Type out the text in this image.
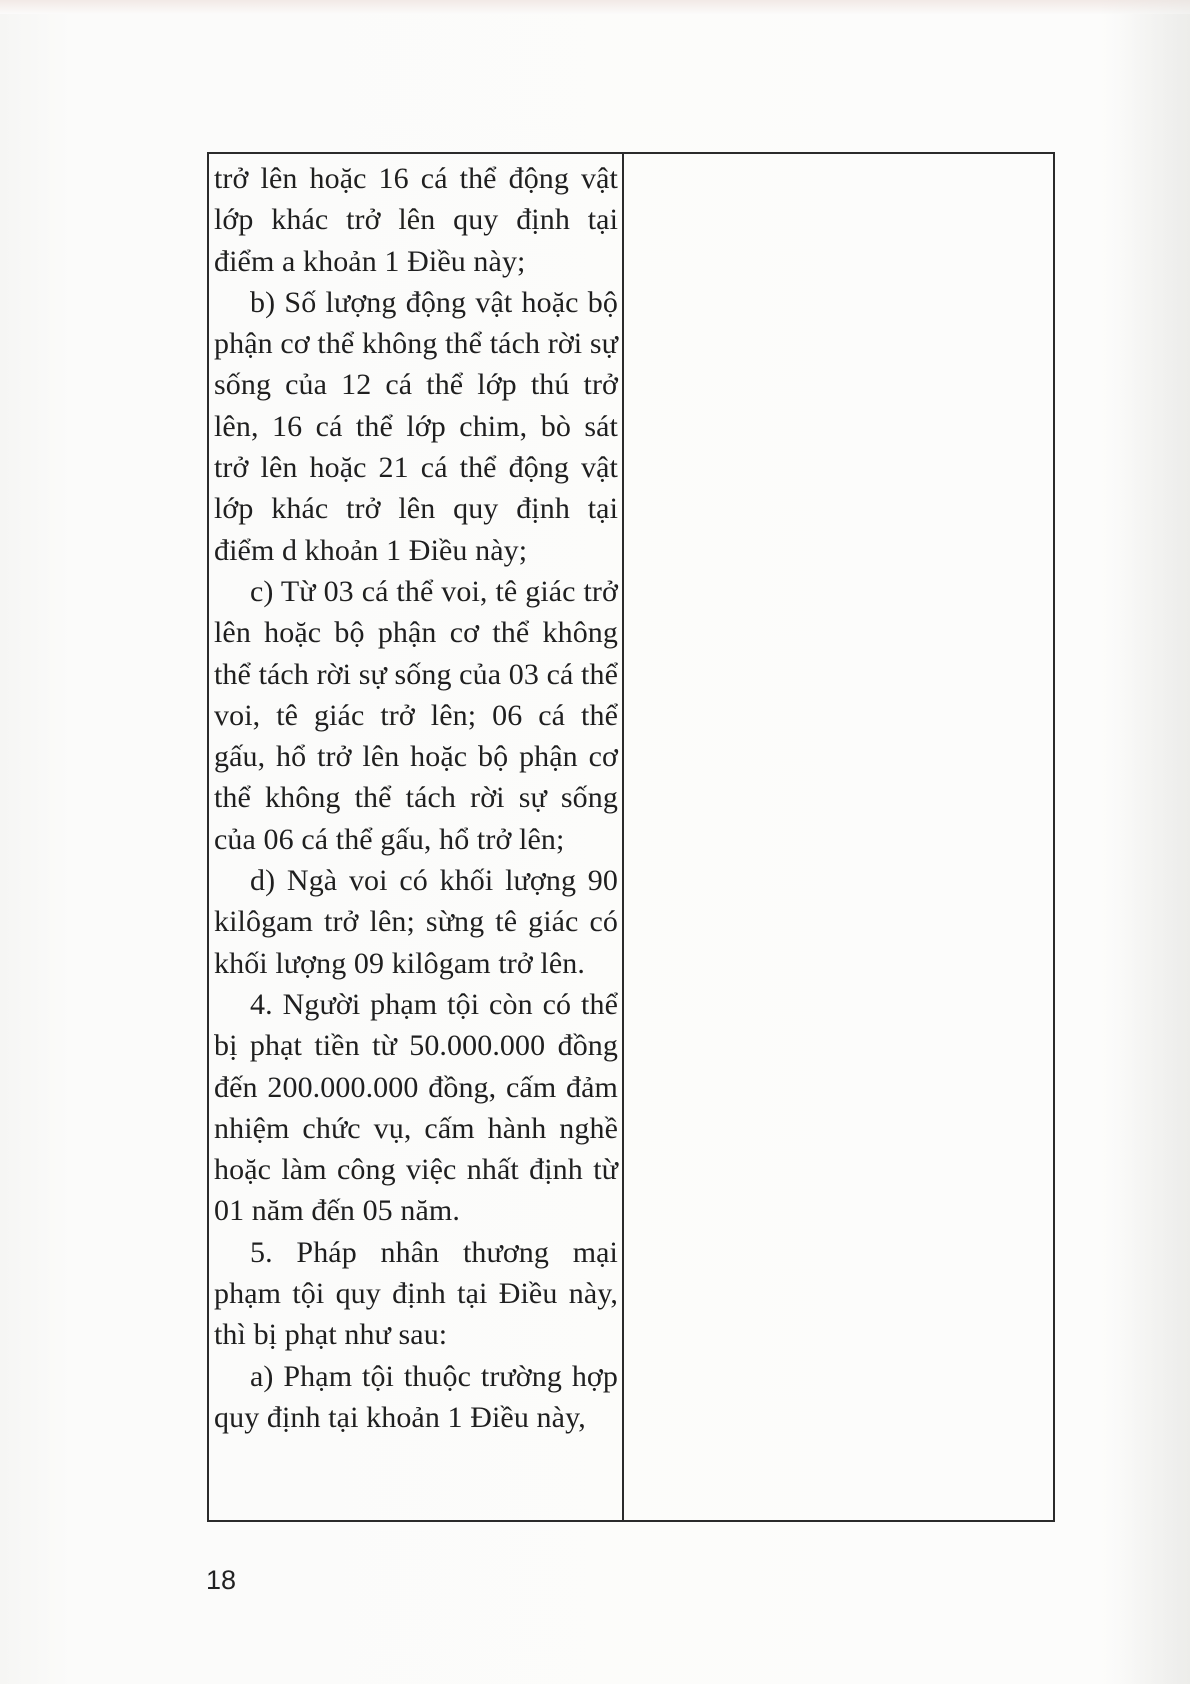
trở lên hoặc 16 cá thể động vật lớp khác trở lên quy định tại điểm a khoản 1 Điều này;

b) Số lượng động vật hoặc bộ phận cơ thể không thể tách rời sự sống của 12 cá thể lớp thú trở lên, 16 cá thể lớp chim, bò sát trở lên hoặc 21 cá thể động vật lớp khác trở lên quy định tại điểm d khoản 1 Điều này;

c) Từ 03 cá thể voi, tê giác trở lên hoặc bộ phận cơ thể không thể tách rời sự sống của 03 cá thể voi, tê giác trở lên; 06 cá thể gấu, hổ trở lên hoặc bộ phận cơ thể không thể tách rời sự sống của 06 cá thể gấu, hổ trở lên;

d) Ngà voi có khối lượng 90 kilôgam trở lên; sừng tê giác có khối lượng 09 kilôgam trở lên.

4. Người phạm tội còn có thể bị phạt tiền từ 50.000.000 đồng đến 200.000.000 đồng, cấm đảm nhiệm chức vụ, cấm hành nghề hoặc làm công việc nhất định từ 01 năm đến 05 năm.

5. Pháp nhân thương mại phạm tội quy định tại Điều này, thì bị phạt như sau:

a) Phạm tội thuộc trường hợp quy định tại khoản 1 Điều này,

18
